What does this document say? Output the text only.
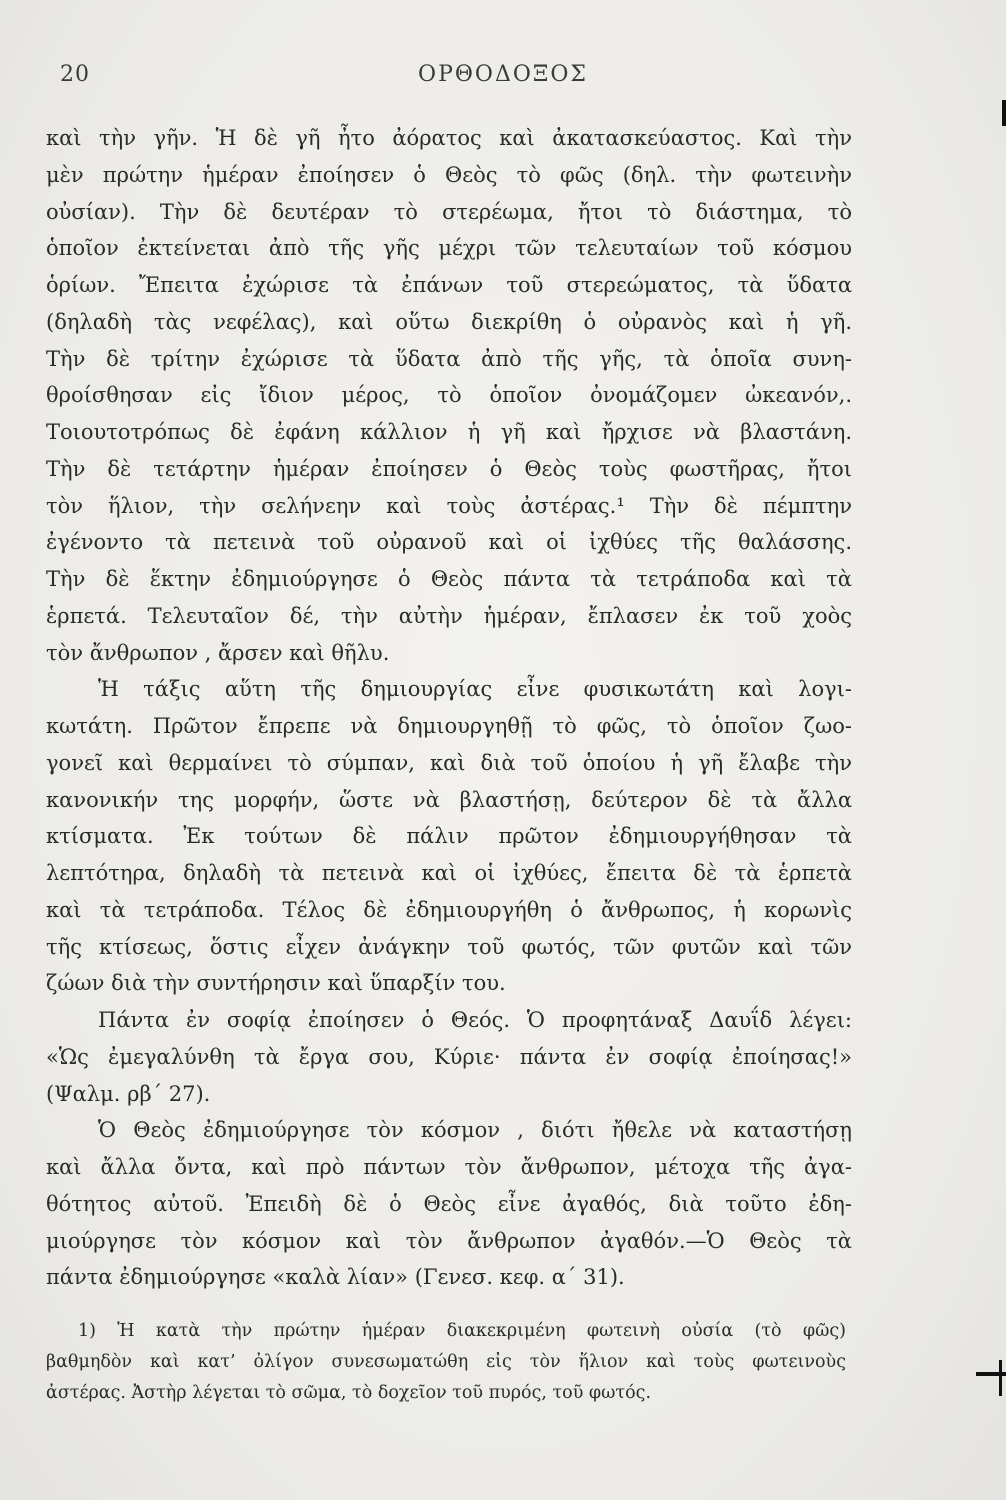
20	ΟΡΘΟΔΟΞΟΣ
καὶ τὴν γῆν. Ἡ δὲ γῆ ἦτο ἀόρατος καὶ ἀκατασκεύαστος. Καὶ τὴν
μὲν πρώτην ἡμέραν ἐποίησεν ὁ Θεὸς τὸ φῶς (δηλ. τὴν φωτεινὴν
οὐσίαν). Τὴν δὲ δευτέραν τὸ στερέωμα, ἤτοι τὸ διάστημα, τὸ
ὁποῖον ἐκτείνεται ἀπὸ τῆς γῆς μέχρι τῶν τελευταίων τοῦ κόσμου
ὁρίων. Ἔπειτα ἐχώρισε τὰ ἐπάνων τοῦ στερεώματος, τὰ ὕδατα
(δηλαδὴ τὰς νεφέλας), καὶ οὕτω διεκρίθη ὁ οὐρανὸς καὶ ἡ γῆ.
Τὴν δὲ τρίτην ἐχώρισε τὰ ὕδατα ἀπὸ τῆς γῆς, τὰ ὁποῖα συνη-
θροίσθησαν εἰς ἴδιον μέρος, τὸ ὁποῖον ὀνομάζομεν ὠκεανόν,.
Τοιουτοτρόπως δὲ ἐφάνη κάλλιον ἡ γῆ καὶ ἤρχισε νὰ βλαστάνη.
Τὴν δὲ τετάρτην ἡμέραν ἐποίησεν ὁ Θεὸς τοὺς φωστῆρας, ἤτοι
τὸν ἥλιον, τὴν σελήνεην καὶ τοὺς ἀστέρας.¹ Τὴν δὲ πέμπτην
ἐγένοντο τὰ πετεινὰ τοῦ οὐρανοῦ καὶ οἱ ἰχθύες τῆς θαλάσσης.
Τὴν δὲ ἕκτην ἐδημιούργησε ὁ Θεὸς πάντα τὰ τετράποδα καὶ τὰ
ἑρπετά. Τελευταῖον δέ, τὴν αὐτὴν ἡμέραν, ἔπλασεν ἐκ τοῦ χοὸς
τὸν ἄνθρωπον , ἄρσεν καὶ θῆλυ.
Ἡ τάξις αὕτη τῆς δημιουργίας εἶνε φυσικωτάτη καὶ λογι-
κωτάτη. Πρῶτον ἔπρεπε νὰ δημιουργηθῇ τὸ φῶς, τὸ ὁποῖον ζωο-
γονεῖ καὶ θερμαίνει τὸ σύμπαν, καὶ διὰ τοῦ ὁποίου ἡ γῆ ἔλαβε τὴν
κανονικήν της μορφήν, ὥστε νὰ βλαστήσῃ, δεύτερον δὲ τὰ ἄλλα
κτίσματα. Ἐκ τούτων δὲ πάλιν πρῶτον ἐδημιουργήθησαν τὰ
λεπτότηρα, δηλαδὴ τὰ πετεινὰ καὶ οἱ ἰχθύες, ἔπειτα δὲ τὰ ἑρπετὰ
καὶ τὰ τετράποδα. Τέλος δὲ ἐδημιουργήθη ὁ ἄνθρωπος, ἡ κορωνὶς
τῆς κτίσεως, ὅστις εἶχεν ἀνάγκην τοῦ φωτός, τῶν φυτῶν καὶ τῶν
ζώων διὰ τὴν συντήρησιν καὶ ὕπαρξίν του.
Πάντα ἐν σοφίᾳ ἐποίησεν ὁ Θεός. Ὁ προφητάναξ Δαυΐδ λέγει:
«Ὡς ἐμεγαλύνθη τὰ ἔργα σου, Κύριε· πάντα ἐν σοφίᾳ ἐποίησας!»
(Ψαλμ. ρβ΄ 27).
Ὁ Θεὸς ἐδημιούργησε τὸν κόσμον , διότι ἤθελε νὰ καταστήσῃ
καὶ ἄλλα ὄντα, καὶ πρὸ πάντων τὸν ἄνθρωπον, μέτοχα τῆς ἀγα-
θότητος αὐτοῦ. Ἐπειδὴ δὲ ὁ Θεὸς εἶνε ἀγαθός, διὰ τοῦτο ἐδη-
μιούργησε τὸν κόσμον καὶ τὸν ἄνθρωπον ἀγαθόν.—Ὁ Θεὸς τὰ
πάντα ἐδημιούργησε «καλὰ λίαν» (Γενεσ. κεφ. α΄ 31).
1) Ἡ κατὰ τὴν πρώτην ἡμέραν διακεκριμένη φωτεινὴ οὐσία (τὸ φῶς)
βαθμηδὸν καὶ κατ’ ὀλίγον συνεσωματώθη εἰς τὸν ἥλιον καὶ τοὺς φωτεινοὺς
ἀστέρας. Ἀστὴρ λέγεται τὸ σῶμα, τὸ δοχεῖον τοῦ πυρός, τοῦ φωτός.
